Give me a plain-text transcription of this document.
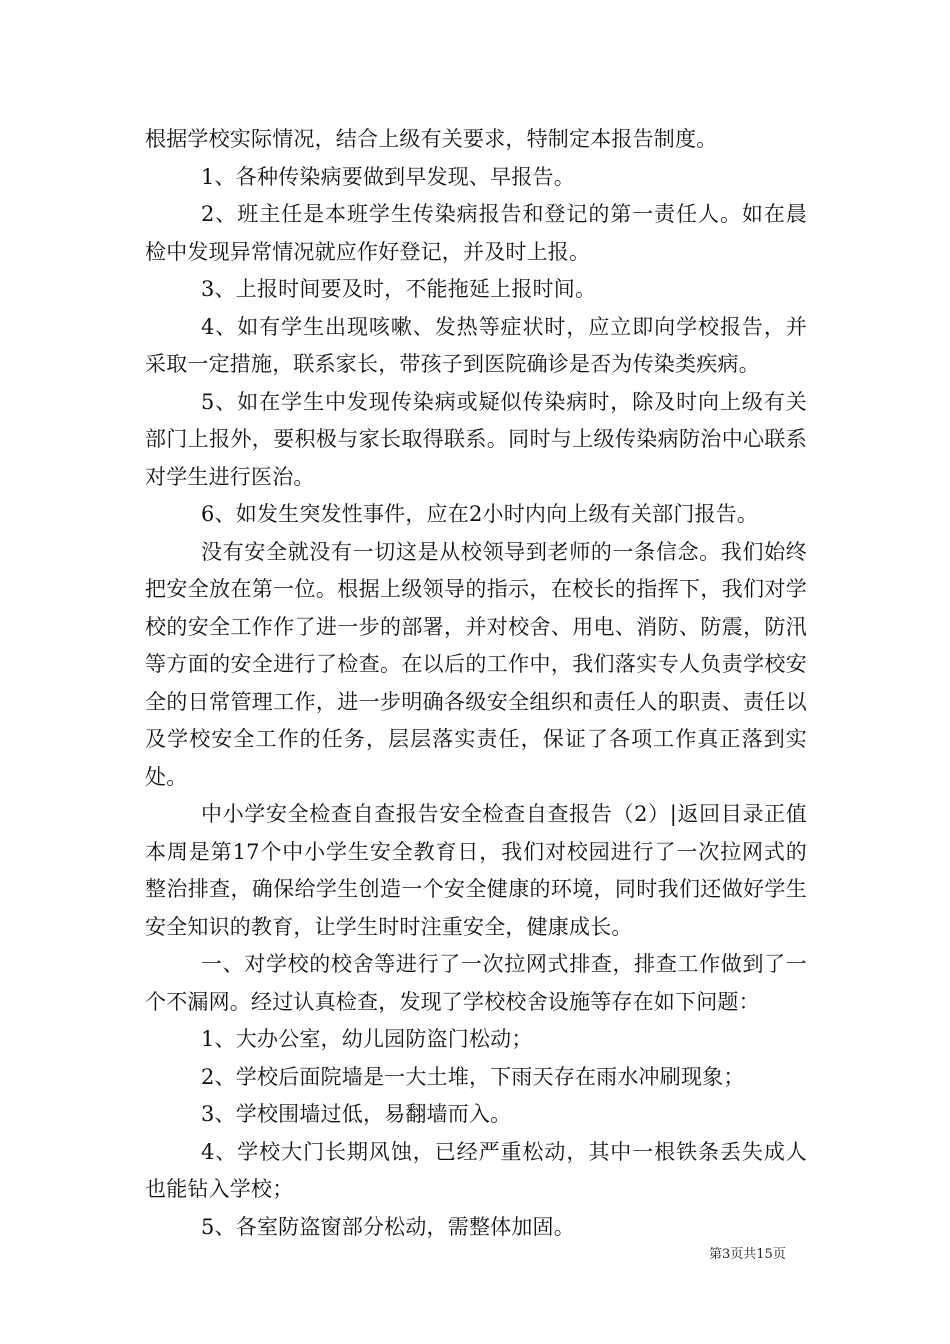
根据学校实际情况，结合上级有关要求，特制定本报告制度。

1、各种传染病要做到早发现、早报告。

2、班主任是本班学生传染病报告和登记的第一责任人。如在晨检中发现异常情况就应作好登记，并及时上报。

3、上报时间要及时，不能拖延上报时间。

4、如有学生出现咳嗽、发热等症状时，应立即向学校报告，并采取一定措施，联系家长，带孩子到医院确诊是否为传染类疾病。

5、如在学生中发现传染病或疑似传染病时，除及时向上级有关部门上报外，要积极与家长取得联系。同时与上级传染病防治中心联系对学生进行医治。

6、如发生突发性事件，应在2小时内向上级有关部门报告。

没有安全就没有一切这是从校领导到老师的一条信念。我们始终把安全放在第一位。根据上级领导的指示，在校长的指挥下，我们对学校的安全工作作了进一步的部署，并对校舍、用电、消防、防震，防汛等方面的安全进行了检查。在以后的工作中，我们落实专人负责学校安全的日常管理工作，进一步明确各级安全组织和责任人的职责、责任以及学校安全工作的任务，层层落实责任，保证了各项工作真正落到实处。

中小学安全检查自查报告安全检查自查报告（2）|返回目录正值本周是第17个中小学生安全教育日，我们对校园进行了一次拉网式的整治排查，确保给学生创造一个安全健康的环境，同时我们还做好学生安全知识的教育，让学生时时注重安全，健康成长。

一、对学校的校舍等进行了一次拉网式排查，排查工作做到了一个不漏网。经过认真检查，发现了学校校舍设施等存在如下问题：

1、大办公室，幼儿园防盗门松动；

2、学校后面院墙是一大土堆，下雨天存在雨水冲刷现象；

3、学校围墙过低，易翻墙而入。

4、学校大门长期风蚀，已经严重松动，其中一根铁条丢失成人也能钻入学校；

5、各室防盗窗部分松动，需整体加固。

第3页共15页
